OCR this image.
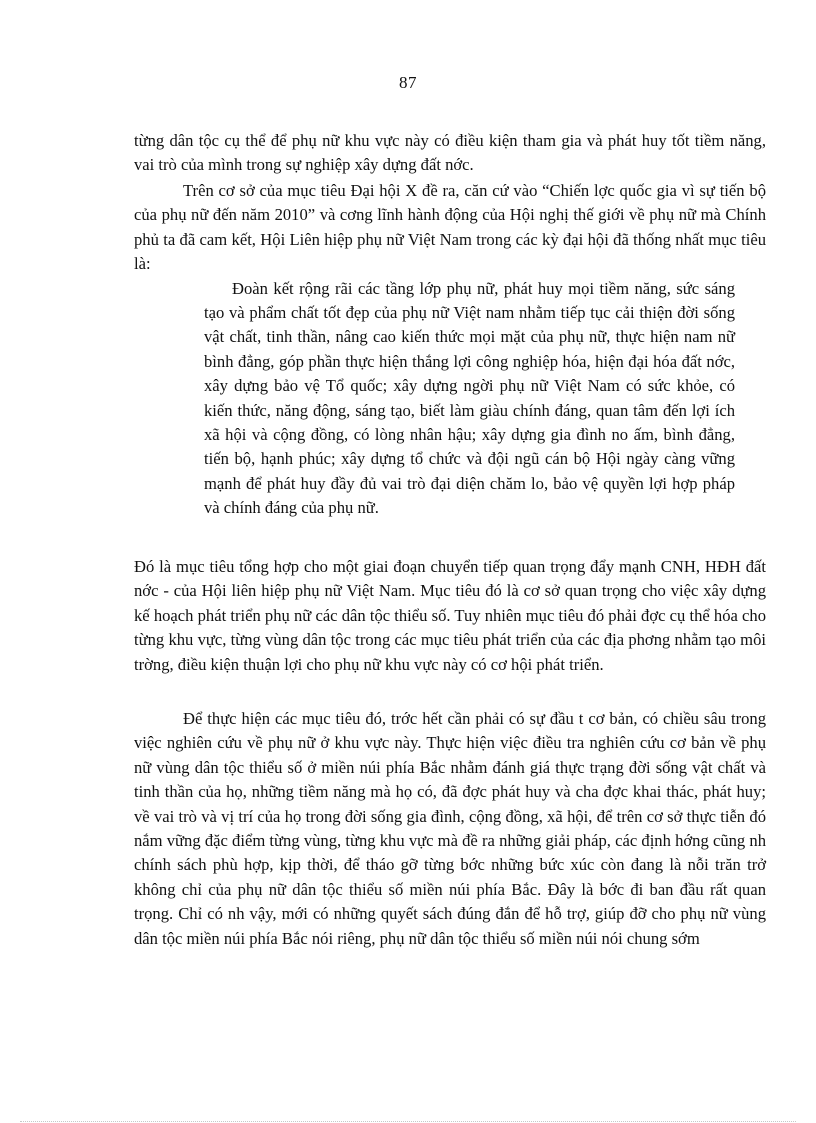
87

từng dân tộc cụ thể để phụ nữ khu vực này có điều kiện tham gia và phát huy tốt tiềm năng, vai trò của mình trong sự nghiệp xây dựng đất nớc.

Trên cơ sở của mục tiêu Đại hội X đề ra, căn cứ vào “Chiến lợc quốc gia vì sự tiến bộ của phụ nữ đến năm 2010” và cơng lĩnh hành động của Hội nghị thế giới về phụ nữ mà Chính phủ ta đã cam kết, Hội Liên hiệp phụ nữ Việt Nam trong các kỳ đại hội đã thống nhất mục tiêu là:

Đoàn kết rộng rãi các tầng lớp phụ nữ, phát huy mọi tiềm năng, sức sáng tạo và phẩm chất tốt đẹp của phụ nữ Việt nam nhằm tiếp tục cải thiện đời sống vật chất, tinh thần, nâng cao kiến thức mọi mặt của phụ nữ, thực hiện nam nữ bình đẳng, góp phần thực hiện thắng lợi công nghiệp hóa, hiện đại hóa đất nớc, xây dựng bảo vệ Tổ quốc; xây dựng ngời phụ nữ Việt Nam có sức khỏe, có kiến thức, năng động, sáng tạo, biết làm giàu chính đáng, quan tâm đến lợi ích xã hội và cộng đồng, có lòng nhân hậu; xây dựng gia đình no ấm, bình đẳng, tiến bộ, hạnh phúc; xây dựng tổ chức và đội ngũ cán bộ Hội ngày càng vững mạnh để phát huy đầy đủ vai trò đại diện chăm lo, bảo vệ quyền lợi hợp pháp và chính đáng của phụ nữ.

Đó là mục tiêu tổng hợp cho một giai đoạn chuyển tiếp quan trọng đẩy mạnh CNH, HĐH đất nớc - của Hội liên hiệp phụ nữ Việt Nam. Mục tiêu đó là cơ sở quan trọng cho việc xây dựng kế hoạch phát triển phụ nữ các dân tộc thiểu số. Tuy nhiên mục tiêu đó phải đợc cụ thể hóa cho từng khu vực, từng vùng dân tộc trong các mục tiêu phát triển của các địa phơng nhằm tạo môi trờng, điều kiện thuận lợi cho phụ nữ khu vực này có cơ hội phát triển.

Để thực hiện các mục tiêu đó, trớc hết cần phải có sự đầu t cơ bản, có chiều sâu trong việc nghiên cứu về phụ nữ ở khu vực này. Thực hiện việc điều tra nghiên cứu cơ bản về phụ nữ vùng dân tộc thiểu số ở miền núi phía Bắc nhằm đánh giá thực trạng đời sống vật chất và tinh thần của họ, những tiềm năng mà họ có, đã đợc phát huy và cha đợc khai thác, phát huy; về vai trò và vị trí của họ trong đời sống gia đình, cộng đồng, xã hội, để trên cơ sở thực tiễn đó nắm vững đặc điểm từng vùng, từng khu vực mà đề ra những giải pháp, các định hớng cũng nh chính sách phù hợp, kịp thời, để tháo gỡ từng bớc những bức xúc còn đang là nỗi trăn trở không chỉ của phụ nữ dân tộc thiểu số miền núi phía Bắc. Đây là bớc đi ban đầu rất quan trọng. Chỉ có nh vậy, mới có những quyết sách đúng đắn để hỗ trợ, giúp đỡ cho phụ nữ vùng dân tộc miền núi phía Bắc nói riêng, phụ nữ dân tộc thiểu số miền núi nói chung sớm
